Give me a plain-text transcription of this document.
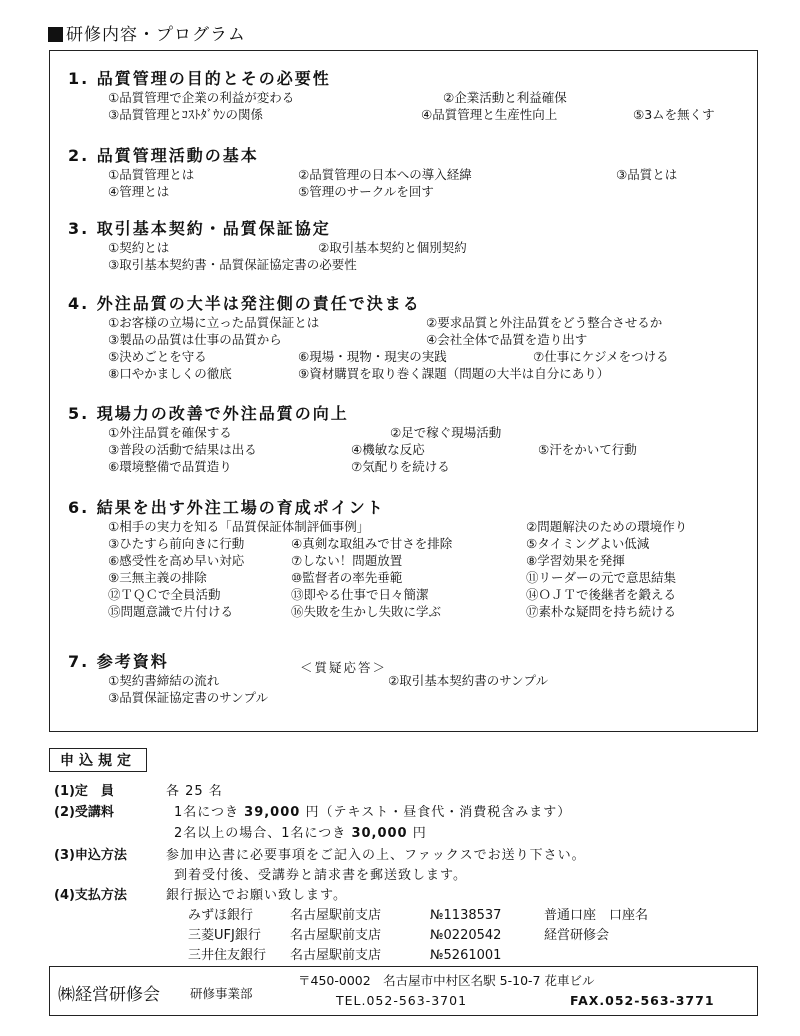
研修内容・プログラム
1. 品質管理の目的とその必要性
①品質管理で企業の利益が変わる	②企業活動と利益確保
③品質管理とｺｽﾄﾀﾞｳﾝの関係	④品質管理と生産性向上	⑤3ムを無くす
2. 品質管理活動の基本
①品質管理とは	②品質管理の日本への導入経緯	③品質とは
④管理とは	⑤管理のサークルを回す
3. 取引基本契約・品質保証協定
①契約とは	②取引基本契約と個別契約
③取引基本契約書・品質保証協定書の必要性
4. 外注品質の大半は発注側の責任で決まる
①お客様の立場に立った品質保証とは	②要求品質と外注品質をどう整合させるか
③製品の品質は仕事の品質から	④会社全体で品質を造り出す
⑤決めごとを守る	⑥現場・現物・現実の実践	⑦仕事にケジメをつける
⑧口やかましくの徹底	⑨資材購買を取り巻く課題（問題の大半は自分にあり）
5. 現場力の改善で外注品質の向上
①外注品質を確保する	②足で稼ぐ現場活動
③普段の活動で結果は出る	④機敏な反応	⑤汗をかいて行動
⑥環境整備で品質造り	⑦気配りを続ける
6. 結果を出す外注工場の育成ポイント
①相手の実力を知る「品質保証体制評価事例」	②問題解決のための環境作り
③ひたすら前向きに行動	④真剣な取組みで甘さを排除	⑤タイミングよい低減
⑥感受性を高め早い対応	⑦しない！問題放置	⑧学習効果を発揮
⑨三無主義の排除	⑩監督者の率先垂範	⑪リーダーの元で意思結集
⑫ＴＱＣで全員活動	⑬即やる仕事で日々簡潔	⑭ＯＪＴで後継者を鍛える
⑮問題意識で片付ける	⑯失敗を生かし失敗に学ぶ	⑰素朴な疑問を持ち続ける
7. 参考資料
①契約書締結の流れ	②取引基本契約書のサンプル
③品質保証協定書のサンプル
申込規定
(1)定　員	各 25 名
(2)受講料	1名につき 39,000 円（テキスト・昼食代・消費税含みます）
2名以上の場合、1名につき 30,000 円
(3)申込方法	参加申込書に必要事項をご記入の上、ファックスでお送り下さい。
到着受付後、受講券と請求書を郵送致します。
(4)支払方法	銀行振込でお願い致します。
みずほ銀行	名古屋駅前支店	№1138537	普通口座　口座名
三菱UFJ銀行 名古屋駅前支店	№0220542	経営研修会
三井住友銀行 名古屋駅前支店	№5261001
㈱経営研修会 研修事業部
〒450-0002　名古屋市中村区名駅 5-10-7 花車ビル
TEL.052-563-3701	FAX.052-563-3771
＜質疑応答＞
